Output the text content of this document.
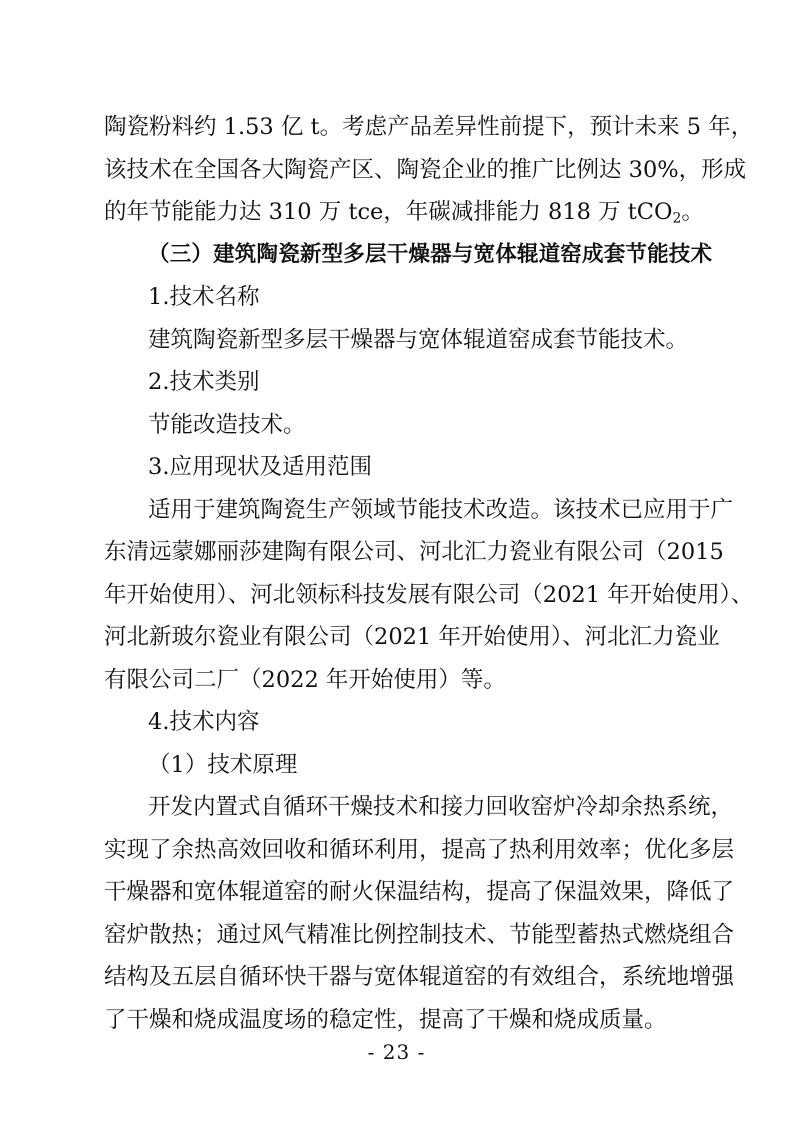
陶瓷粉料约 1.53 亿 t。考虑产品差异性前提下，预计未来 5 年，
该技术在全国各大陶瓷产区、陶瓷企业的推广比例达 30%，形成
的年节能能力达 310 万 tce，年碳减排能力 818 万 tCO$_2$。
（三）建筑陶瓷新型多层干燥器与宽体辊道窑成套节能技术
1.技术名称
建筑陶瓷新型多层干燥器与宽体辊道窑成套节能技术。
2.技术类别
节能改造技术。
3.应用现状及适用范围
适用于建筑陶瓷生产领域节能技术改造。该技术已应用于广
东清远蒙娜丽莎建陶有限公司、河北汇力瓷业有限公司（2015
年开始使用）、河北领标科技发展有限公司（2021 年开始使用）、
河北新玻尔瓷业有限公司（2021 年开始使用）、河北汇力瓷业
有限公司二厂（2022 年开始使用）等。
4.技术内容
（1）技术原理
开发内置式自循环干燥技术和接力回收窑炉冷却余热系统，
实现了余热高效回收和循环利用，提高了热利用效率；优化多层
干燥器和宽体辊道窑的耐火保温结构，提高了保温效果，降低了
窑炉散热；通过风气精准比例控制技术、节能型蓄热式燃烧组合
结构及五层自循环快干器与宽体辊道窑的有效组合，系统地增强
了干燥和烧成温度场的稳定性，提高了干燥和烧成质量。
- 23 -
